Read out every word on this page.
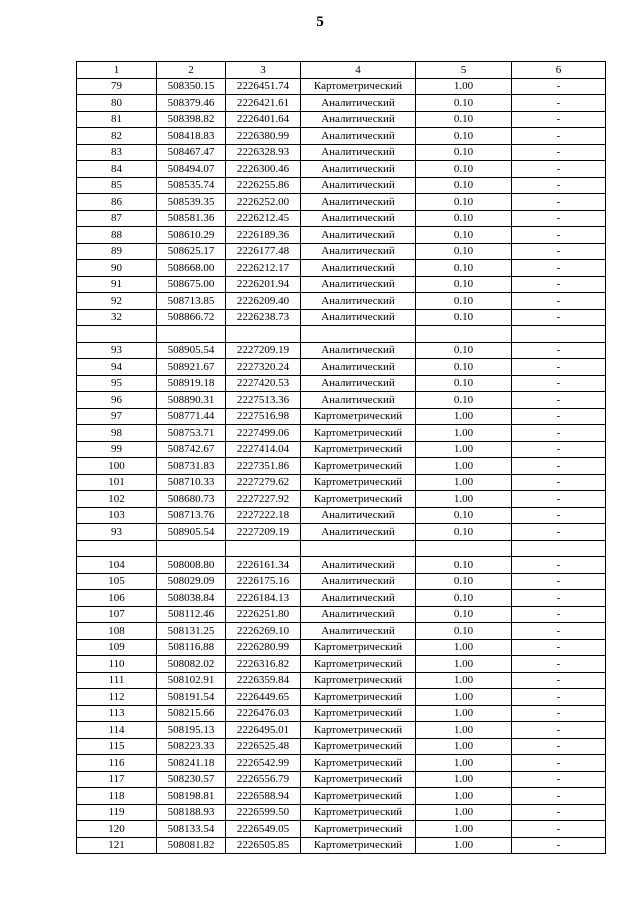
5
1	2	3	4	5	6
79	508350.15	2226451.74	Картометрический	1.00	-
80	508379.46	2226421.61	Аналитический	0.10	-
81	508398.82	2226401.64	Аналитический	0.10	-
82	508418.83	2226380.99	Аналитический	0.10	-
83	508467.47	2226328.93	Аналитический	0.10	-
84	508494.07	2226300.46	Аналитический	0.10	-
85	508535.74	2226255.86	Аналитический	0.10	-
86	508539.35	2226252.00	Аналитический	0.10	-
87	508581.36	2226212.45	Аналитический	0.10	-
88	508610.29	2226189.36	Аналитический	0.10	-
89	508625.17	2226177.48	Аналитический	0.10	-
90	508668.00	2226212.17	Аналитический	0.10	-
91	508675.00	2226201.94	Аналитический	0.10	-
92	508713.85	2226209.40	Аналитический	0.10	-
32	508866.72	2226238.73	Аналитический	0.10	-

93	508905.54	2227209.19	Аналитический	0.10	-
94	508921.67	2227320.24	Аналитический	0.10	-
95	508919.18	2227420.53	Аналитический	0.10	-
96	508890.31	2227513.36	Аналитический	0.10	-
97	508771.44	2227516.98	Картометрический	1.00	-
98	508753.71	2227499.06	Картометрический	1.00	-
99	508742.67	2227414.04	Картометрический	1.00	-
100	508731.83	2227351.86	Картометрический	1.00	-
101	508710.33	2227279.62	Картометрический	1.00	-
102	508680.73	2227227.92	Картометрический	1.00	-
103	508713.76	2227222.18	Аналитический	0.10	-
93	508905.54	2227209.19	Аналитический	0.10	-

104	508008.80	2226161.34	Аналитический	0.10	-
105	508029.09	2226175.16	Аналитический	0.10	-
106	508038.84	2226184.13	Аналитический	0.10	-
107	508112.46	2226251.80	Аналитический	0.10	-
108	508131.25	2226269.10	Аналитический	0.10	-
109	508116.88	2226280.99	Картометрический	1.00	-
110	508082.02	2226316.82	Картометрический	1.00	-
111	508102.91	2226359.84	Картометрический	1.00	-
112	508191.54	2226449.65	Картометрический	1.00	-
113	508215.66	2226476.03	Картометрический	1.00	-
114	508195.13	2226495.01	Картометрический	1.00	-
115	508223.33	2226525.48	Картометрический	1.00	-
116	508241.18	2226542.99	Картометрический	1.00	-
117	508230.57	2226556.79	Картометрический	1.00	-
118	508198.81	2226588.94	Картометрический	1.00	-
119	508188.93	2226599.50	Картометрический	1.00	-
120	508133.54	2226549.05	Картометрический	1.00	-
121	508081.82	2226505.85	Картометрический	1.00	-
